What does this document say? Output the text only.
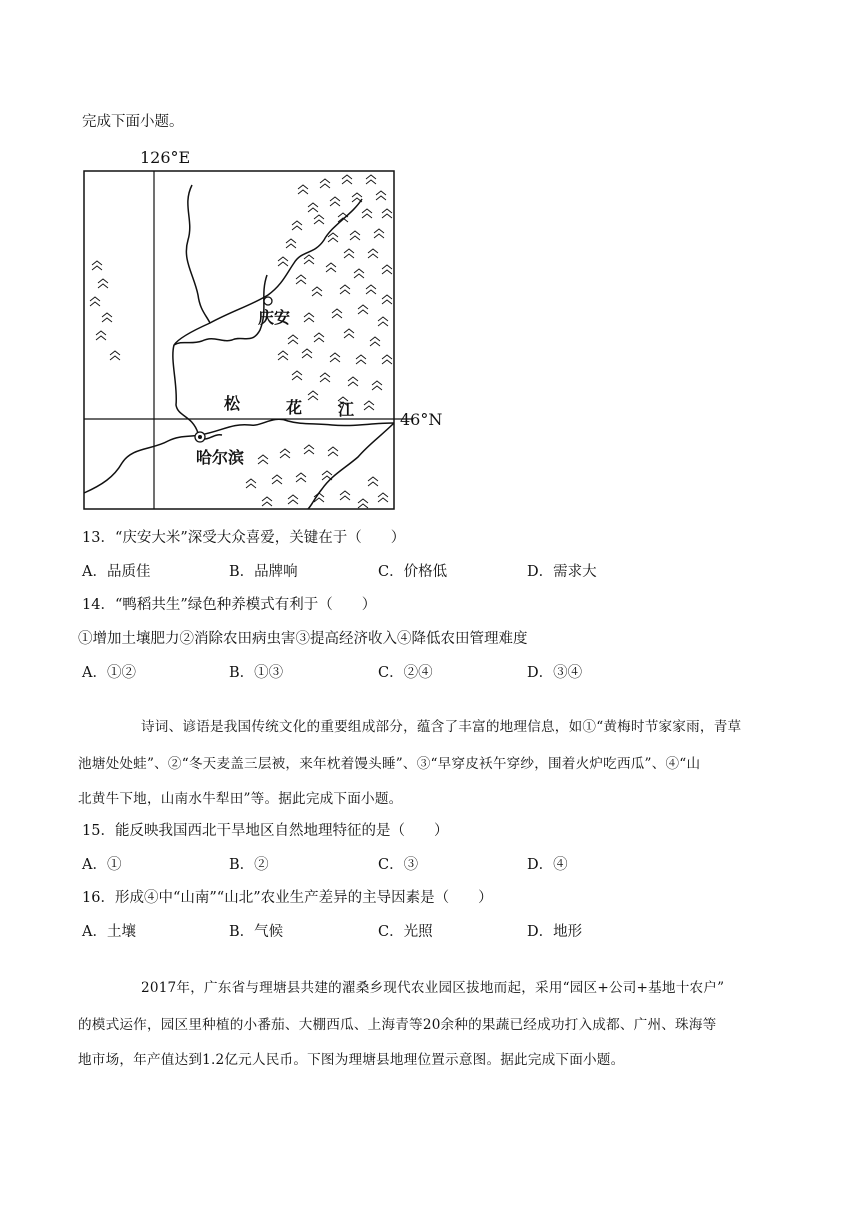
完成下面小题。
126°E
46°N
庆安
哈尔滨
松	花 江
13．“庆安大米”深受大众喜爱，关键在于（　　）
A．品质佳	B．品牌响	C．价格低	D．需求大
14．“鸭稻共生”绿色种养模式有利于（　　）
①增加土壤肥力②消除农田病虫害③提高经济收入④降低农田管理难度
A．①②	B．①③	C．②④	D．③④
诗词、谚语是我国传统文化的重要组成部分，蕴含了丰富的地理信息，如①“黄梅时节家家雨，青草
池塘处处蛙”、②“冬天麦盖三层被，来年枕着馒头睡”、③“早穿皮袄午穿纱，围着火炉吃西瓜”、④“山
北黄牛下地，山南水牛犁田”等。据此完成下面小题。
15．能反映我国西北干旱地区自然地理特征的是（　　）
A．①	B．②	C．③	D．④
16．形成④中“山南”“山北”农业生产差异的主导因素是（　　）
A．土壤	B．气候	C．光照	D．地形
2017年，广东省与理塘县共建的濯桑乡现代农业园区拔地而起，采用“园区+公司+基地十农户”
的模式运作，园区里种植的小番茄、大棚西瓜、上海青等20余种的果蔬已经成功打入成都、广州、珠海等
地市场，年产值达到1.2亿元人民币。下图为理塘县地理位置示意图。据此完成下面小题。
